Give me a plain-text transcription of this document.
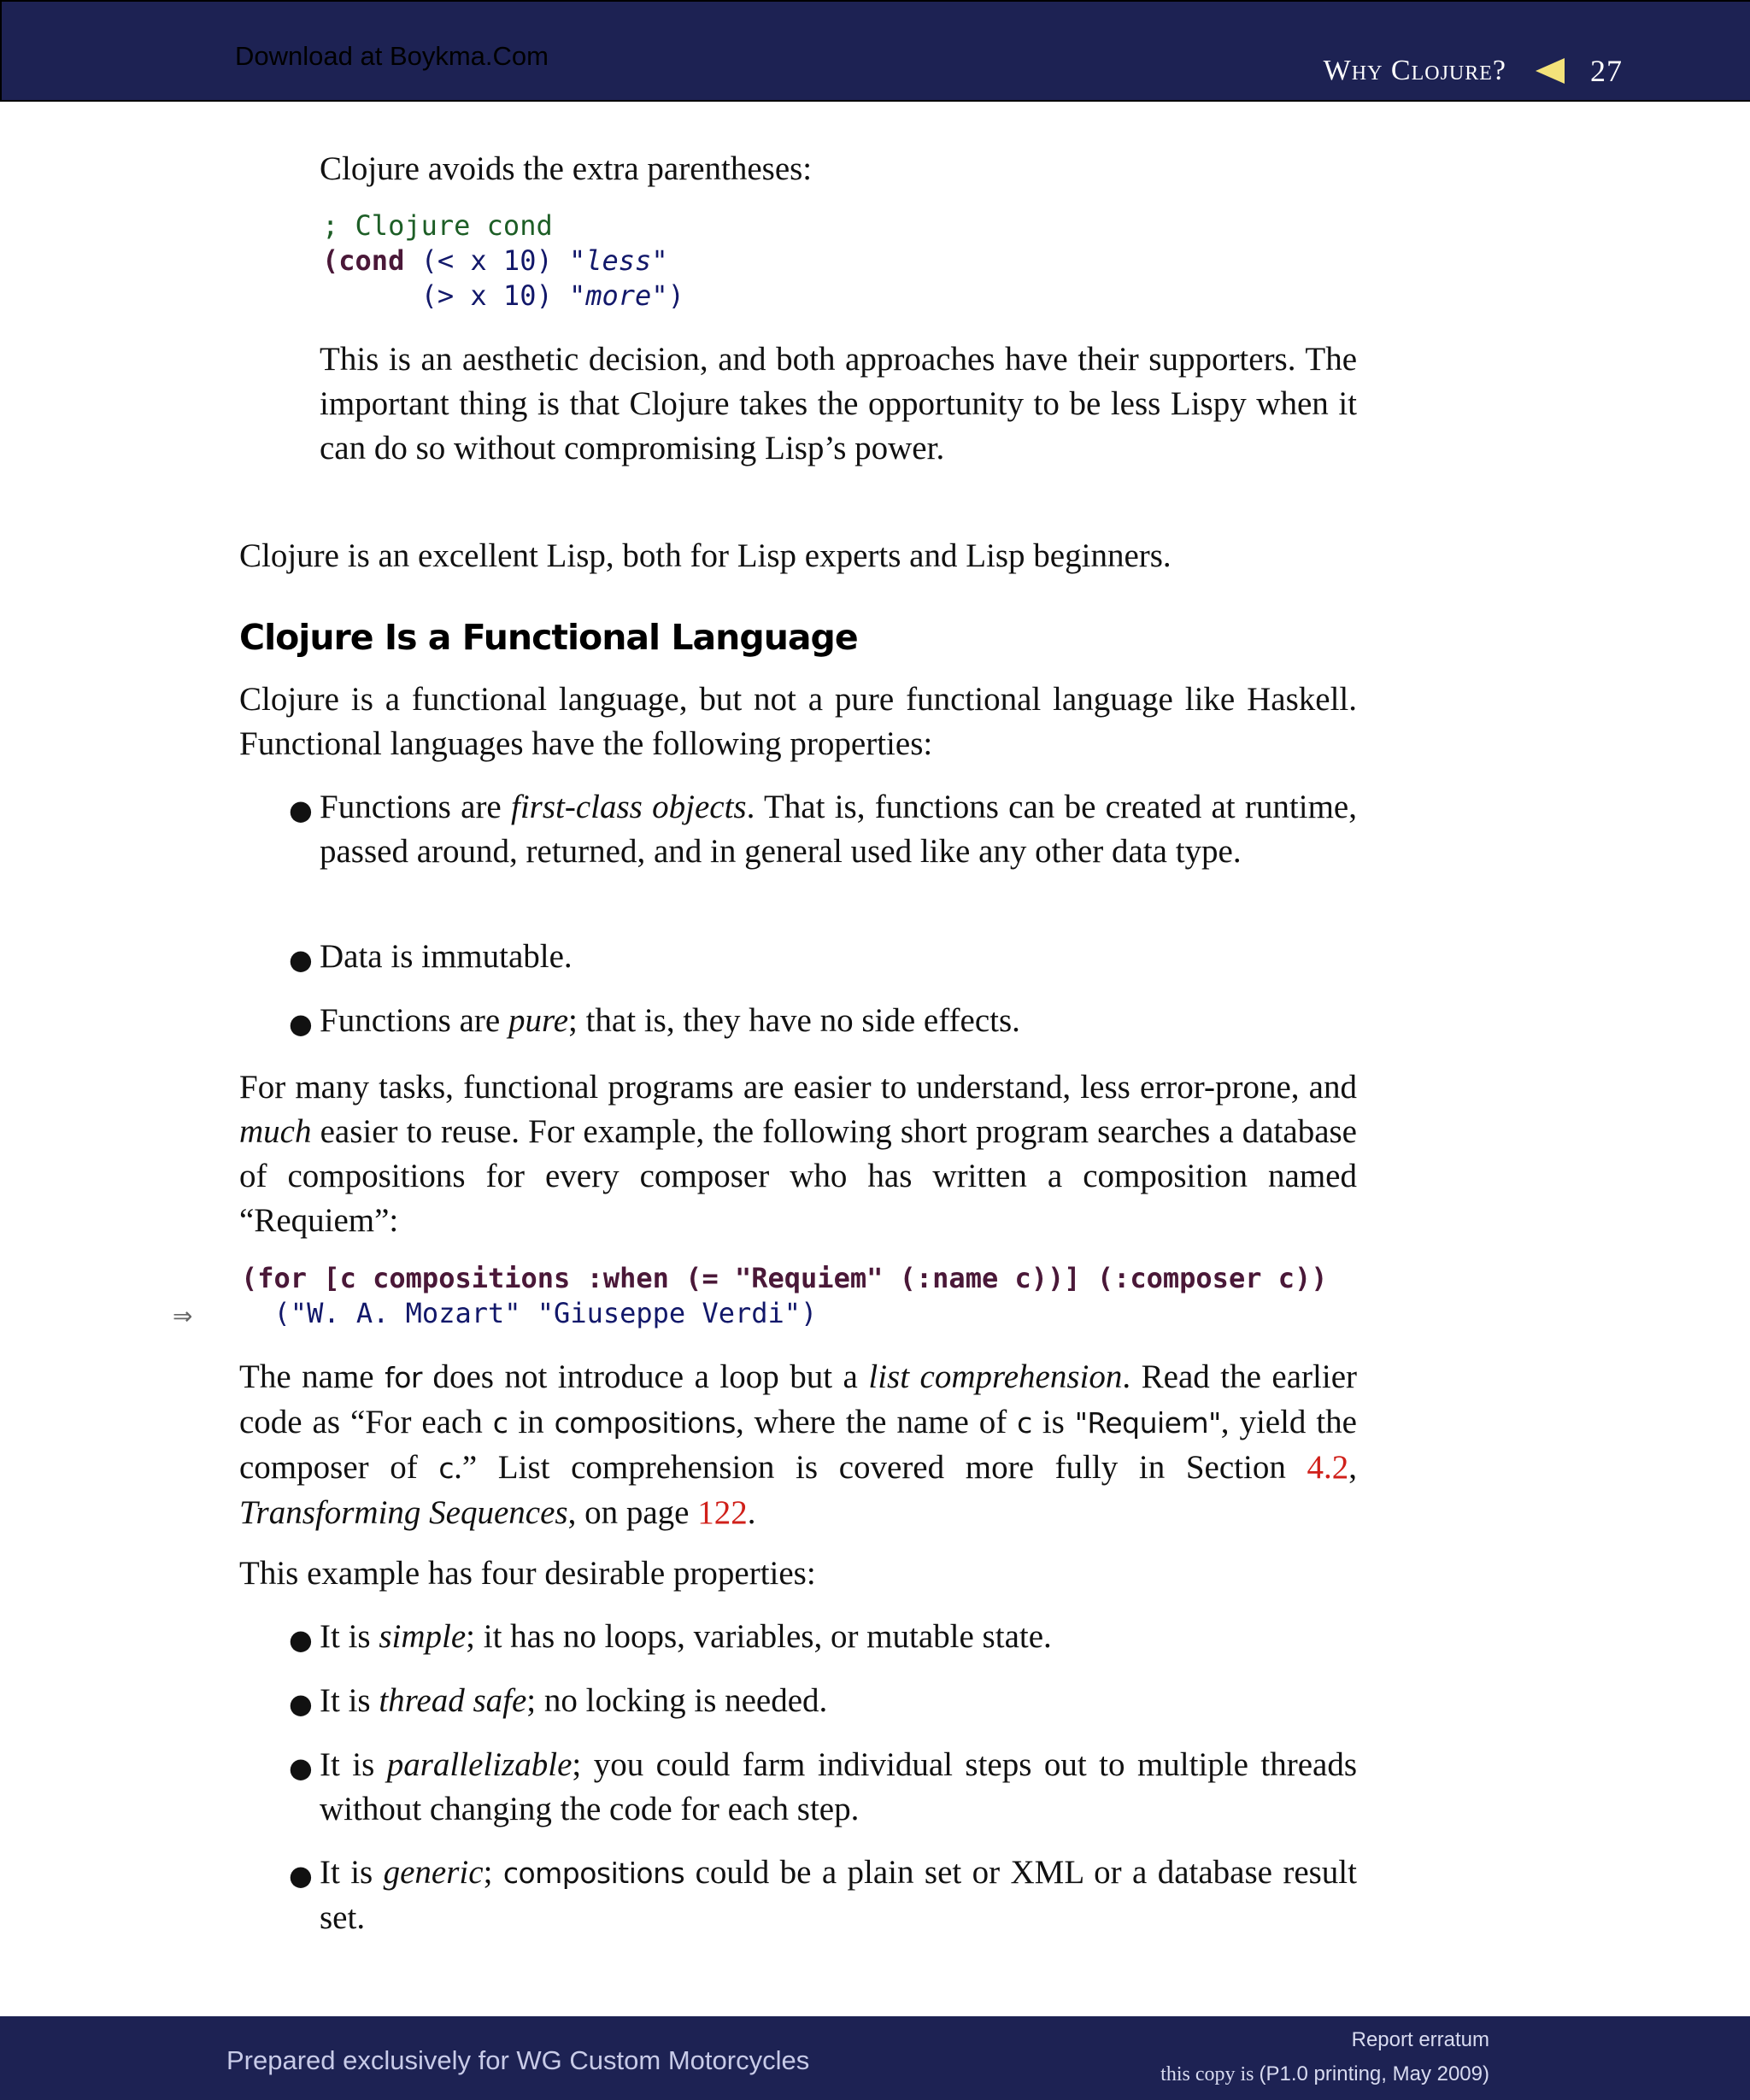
Download at Boykma.Com	Why Clojure?	27

Clojure avoids the extra parentheses:

; Clojure cond
(cond (< x 10) "less"
(> x 10) "more")

This is an aesthetic decision, and both approaches have their supporters. The important thing is that Clojure takes the opportunity to be less Lispy when it can do so without compromising Lisp’s power.

Clojure is an excellent Lisp, both for Lisp experts and Lisp beginners.

Clojure Is a Functional Language

Clojure is a functional language, but not a pure functional language like Haskell. Functional languages have the following properties:

● Functions are first-class objects. That is, functions can be created at runtime, passed around, returned, and in general used like any other data type.

● Data is immutable.

● Functions are pure; that is, they have no side effects.

For many tasks, functional programs are easier to understand, less error-prone, and much easier to reuse. For example, the following short program searches a database of compositions for every composer who has written a composition named “Requiem”:

(for [c compositions :when (= "Requiem" (:name c))] (:composer c))
⇒ ("W. A. Mozart" "Giuseppe Verdi")

The name for does not introduce a loop but a list comprehension. Read the earlier code as “For each c in compositions, where the name of c is "Requiem", yield the composer of c.” List comprehension is covered more fully in Section 4.2, Transforming Sequences, on page 122.

This example has four desirable properties:

● It is simple; it has no loops, variables, or mutable state.

● It is thread safe; no locking is needed.

● It is parallelizable; you could farm individual steps out to multiple threads without changing the code for each step.

● It is generic; compositions could be a plain set or XML or a database result set.

Prepared exclusively for WG Custom Motorcycles
Report erratum
this copy is (P1.0 printing, May 2009)
